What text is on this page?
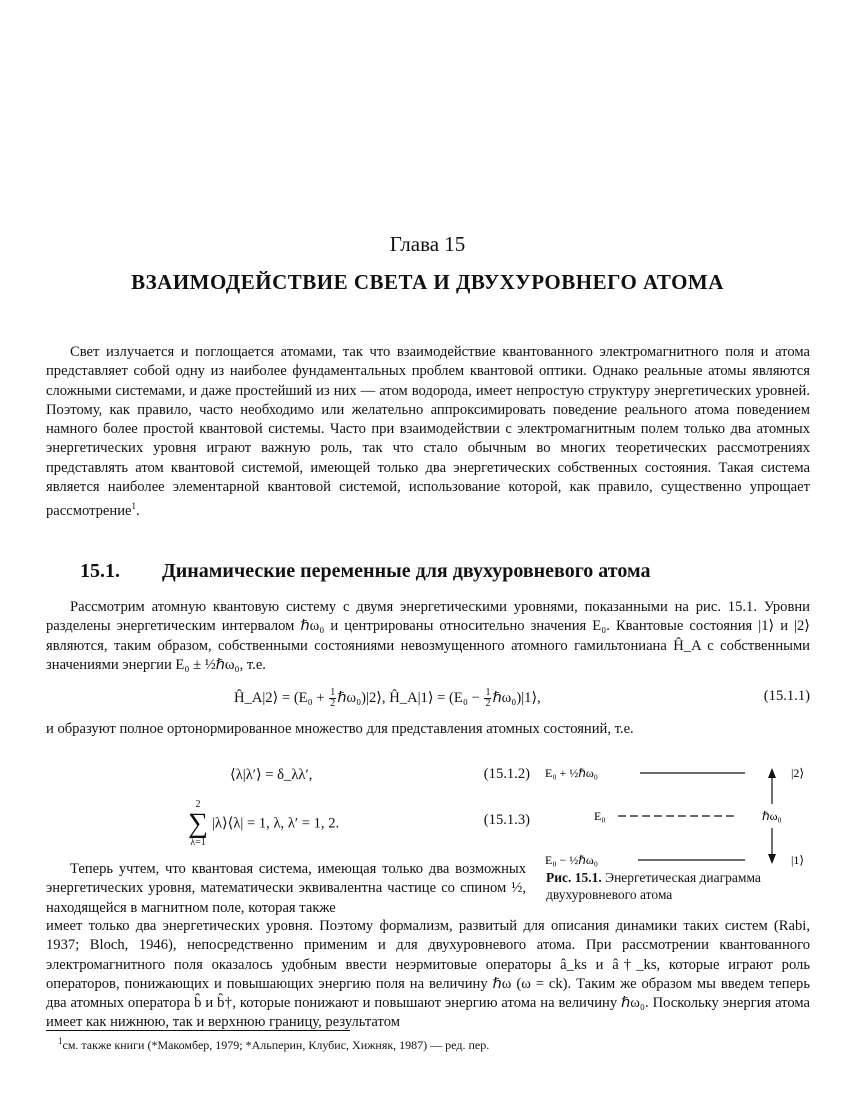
Глава 15
ВЗАИМОДЕЙСТВИЕ СВЕТА И ДВУХУРОВНЕГО АТОМА
Свет излучается и поглощается атомами, так что взаимодействие квантованного электромагнитного поля и атома представляет собой одну из наиболее фундаментальных проблем квантовой оптики. Однако реальные атомы являются сложными системами, и даже простейший из них — атом водорода, имеет непростую структуру энергетических уровней. Поэтому, как правило, часто необходимо или желательно аппроксимировать поведение реального атома поведением намного более простой квантовой системы. Часто при взаимодействии с электромагнитным полем только два атомных энергетических уровня играют важную роль, так что стало обычным во многих теоретических рассмотрениях представлять атом квантовой системой, имеющей только два энергетических собственных состояния. Такая система является наиболее элементарной квантовой системой, использование которой, как правило, существенно упрощает рассмотрение$^1$.
15.1. Динамические переменные для двухуровневого атома
Рассмотрим атомную квантовую систему с двумя энергетическими уровнями, показанными на рис. 15.1. Уровни разделены энергетическим интервалом ℏω₀ и центрированы относительно значения E₀. Квантовые состояния |1⟩ и |2⟩ являются, таким образом, собственными состояниями невозмущенного атомного гамильтониана Ĥ_A с собственными значениями энергии E₀ ± ½ℏω₀, т.е.
Ĥ_A|2⟩ = ($E_0 + \frac{1}{2}$ ℏω₀)|2⟩, Ĥ_A|1⟩ = ($E_0 - \frac{1}{2}$ ℏω₀)|1⟩,	(15.1.1)
и образуют полное ортонормированное множество для представления атомных состояний, т.е.
⟨λ|λ′⟩ = δ_λλ′,	(15.1.2)
2
∑
λ=1
|λ⟩⟨λ| = 1, λ, λ′ = 1, 2.	(15.1.3)
E₀ + ½ℏω₀
E₀
E₀ − ½ℏω₀
|2⟩
|1⟩
ℏω₀
Рис. 15.1. Энергетическая диаграмма двухуровневого атома
Теперь учтем, что квантовая система, имеющая только два возможных энергетических уровня, математически эквивалентна частице со спином ½, находящейся в магнитном поле, которая также
имеет только два энергетических уровня. Поэтому формализм, развитый для описания динамики таких систем (Rabi, 1937; Bloch, 1946), непосредственно применим и для двухуровневого атома. При рассмотрении квантованного электромагнитного поля оказалось удобным ввести неэрмитовые операторы â_ks и â†_ks, которые играют роль операторов, понижающих и повышающих энергию поля на величину ℏω (ω = ck). Таким же образом мы введем теперь два атомных оператора b̂ и b̂†, которые понижают и повышают энергию атома на величину ℏω₀. Поскольку энергия атома имеет как нижнюю, так и верхнюю границу, результатом
$^1$см. также книги (*Макомбер, 1979; *Альперин, Клубис, Хижняк, 1987) — ред. пер.
